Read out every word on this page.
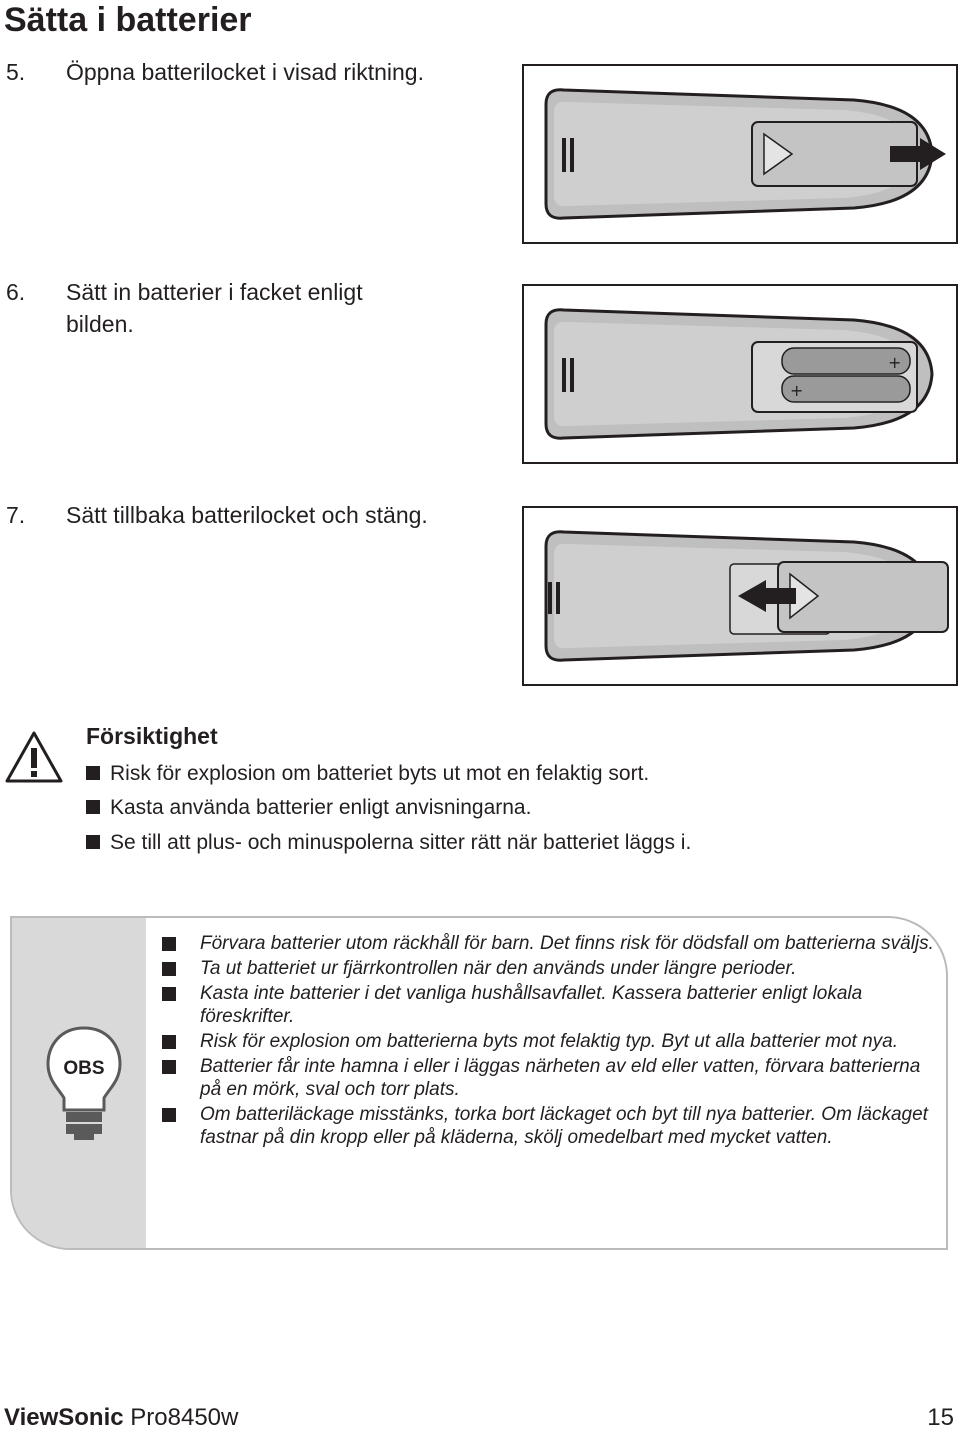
Sätta i batterier
5.	Öppna batterilocket i visad riktning.
6.	Sätt in batterier i facket enligt bilden.
7.	Sätt tillbaka batterilocket och stäng.
+
+
Försiktighet
Risk för explosion om batteriet byts ut mot en felaktig sort.
Kasta använda batterier enligt anvisningarna.
Se till att plus- och minuspolerna sitter rätt när batteriet läggs i.
OBS
Förvara batterier utom räckhåll för barn. Det finns risk för dödsfall om batterierna sväljs.
Ta ut batteriet ur fjärrkontrollen när den används under längre perioder.
Kasta inte batterier i det vanliga hushållsavfallet. Kassera batterier enligt lokala föreskrifter.
Risk för explosion om batterierna byts mot felaktig typ. Byt ut alla batterier mot nya.
Batterier får inte hamna i eller i läggas närheten av eld eller vatten, förvara batterierna på en mörk, sval och torr plats.
Om batteriläckage misstänks, torka bort läckaget och byt till nya batterier. Om läckaget fastnar på din kropp eller på kläderna, skölj omedelbart med mycket vatten.
ViewSonic Pro8450w	15
